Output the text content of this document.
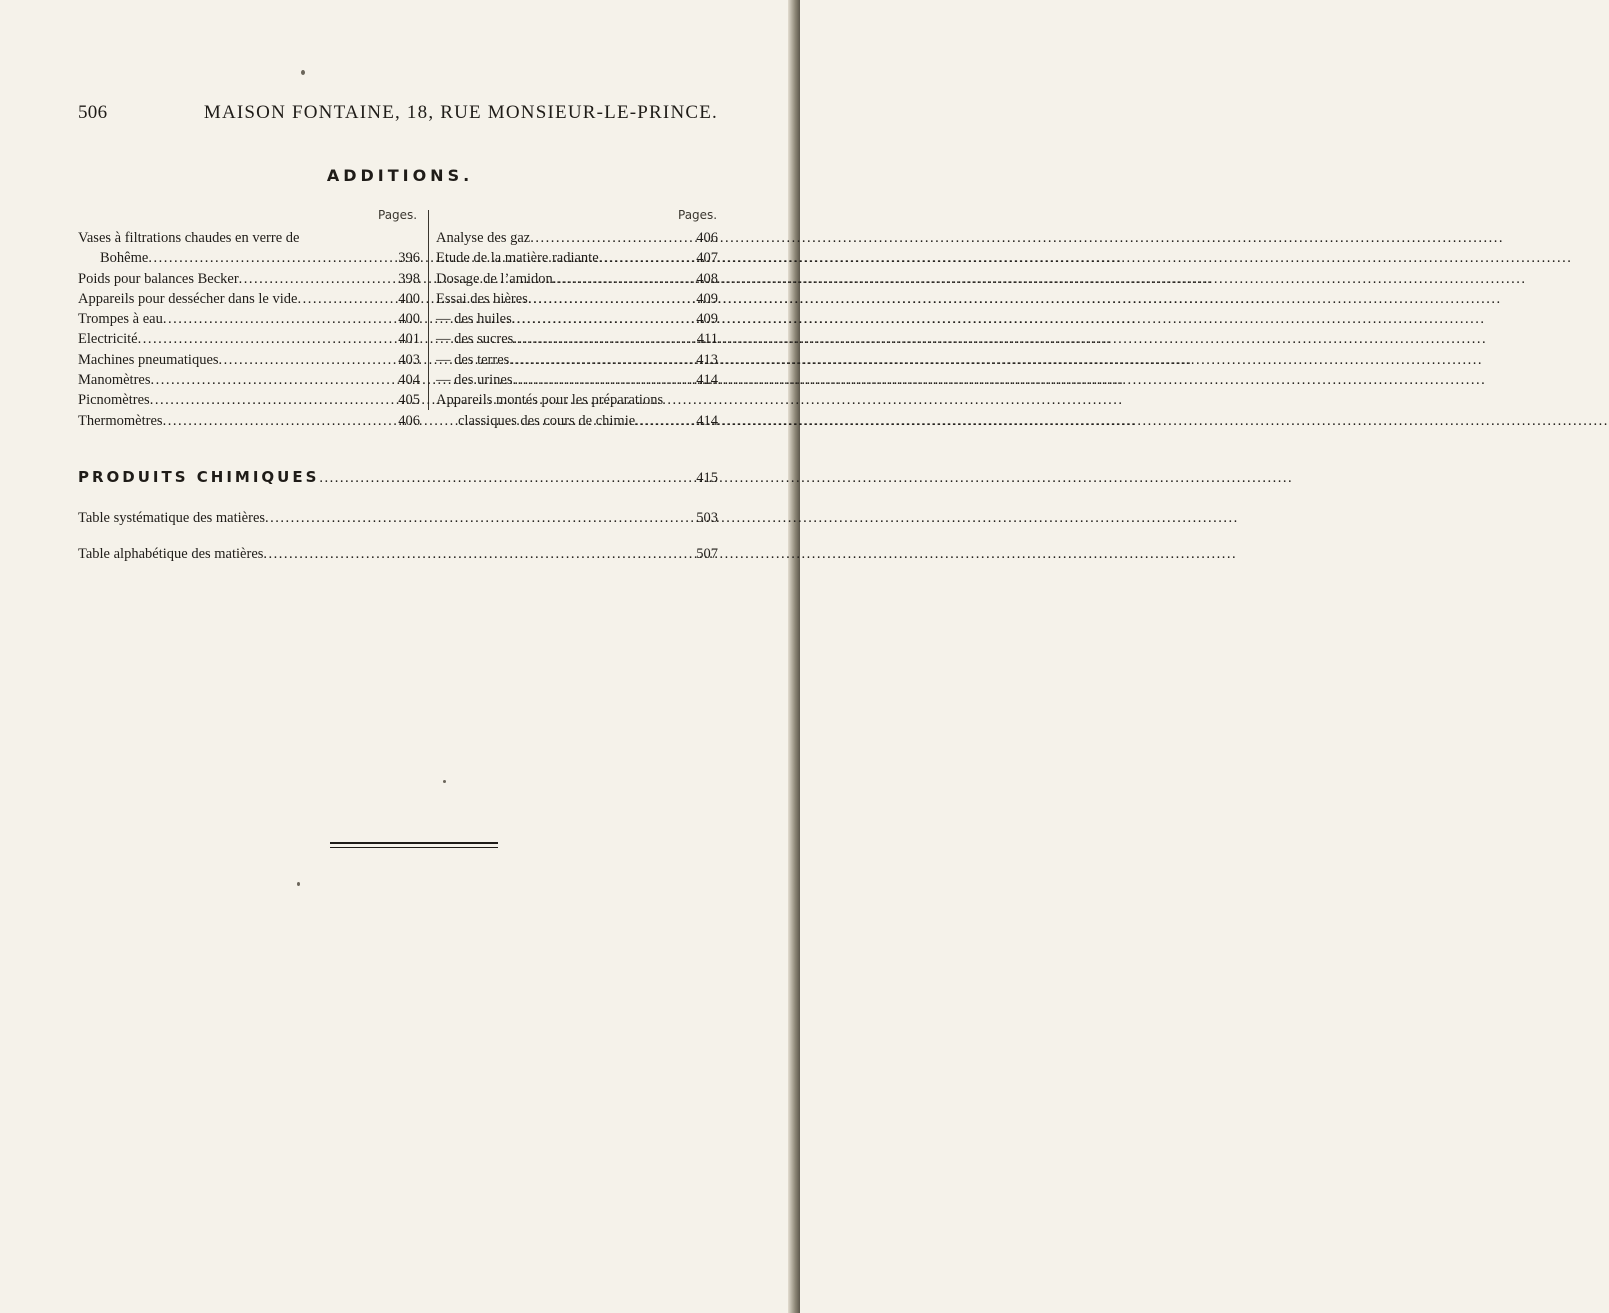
506	MAISON FONTAINE, 18, RUE MONSIEUR-LE-PRINCE.
ADDITIONS.
Pages.	Pages.
Vases à filtrations chaudes en verre de
Bohême .....	396
Poids pour balances Becker .....	398
Appareils pour dessécher dans le vide .....	400
Trompes à eau .....	400
Electricité .....	401
Machines pneumatiques .....	403
Manomètres .....	404
Picnomètres .....	405
Thermomètres .....	406
Analyse des gaz .....	406
Etude de la matière radiante .....	407
Dosage de l’amidon .....	408
Essai des bières .....	409
— des huiles .....	409
— des sucres .....	411
— des terres .....	413
— des urines .....	414
Appareils montés pour les préparations
classiques des cours de chimie .....	414
PRODUITS CHIMIQUES .....	415
Table systématique des matières .....	503
Table alphabétique des matières .....	507
